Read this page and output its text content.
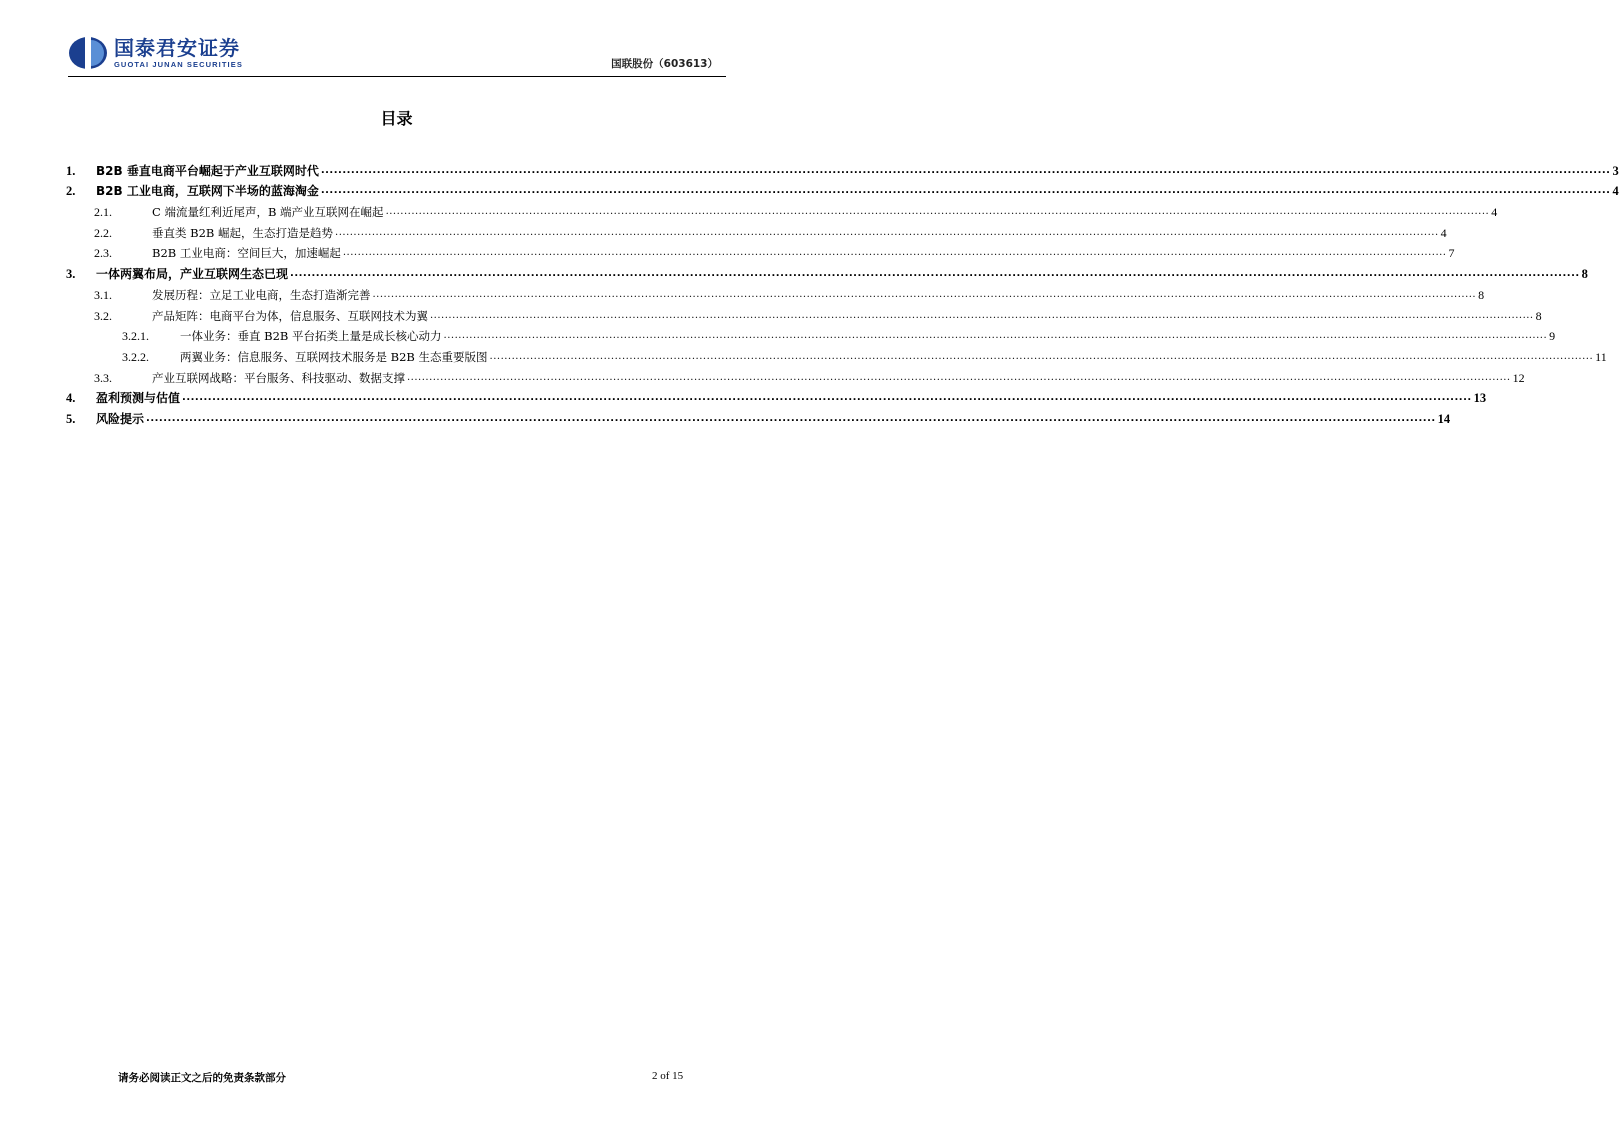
国泰君安证券
GUOTAI JUNAN SECURITIES	国联股份（603613）
目录
1.	B2B 垂直电商平台崛起于产业互联网时代 ............................................................................................................................................................................................................................................................................................................ 3
2.	B2B 工业电商，互联网下半场的蓝海淘金 ............................................................................................................................................................................................................................................................................................................ 4
2.1.	C 端流量红利近尾声，B 端产业互联网在崛起 ............................................................................................................................................................................................................................................................................................................ 4
2.2.	垂直类 B2B 崛起，生态打造是趋势 ............................................................................................................................................................................................................................................................................................................ 4
2.3.	B2B 工业电商：空间巨大，加速崛起 ............................................................................................................................................................................................................................................................................................................ 7
3.	一体两翼布局，产业互联网生态已现 ............................................................................................................................................................................................................................................................................................................ 8
3.1.	发展历程：立足工业电商，生态打造渐完善 ............................................................................................................................................................................................................................................................................................................ 8
3.2.	产品矩阵：电商平台为体，信息服务、互联网技术为翼 ............................................................................................................................................................................................................................................................................................................ 8
3.2.1.	一体业务：垂直 B2B 平台拓类上量是成长核心动力 ............................................................................................................................................................................................................................................................................................................ 9
3.2.2.	两翼业务：信息服务、互联网技术服务是 B2B 生态重要版图 ............................................................................................................................................................................................................................................................................................................ 11
3.3.	产业互联网战略：平台服务、科技驱动、数据支撑 ............................................................................................................................................................................................................................................................................................................ 12
4.	盈利预测与估值 ............................................................................................................................................................................................................................................................................................................ 13
5.	风险提示 ............................................................................................................................................................................................................................................................................................................ 14
请务必阅读正文之后的免责条款部分	2 of 15
